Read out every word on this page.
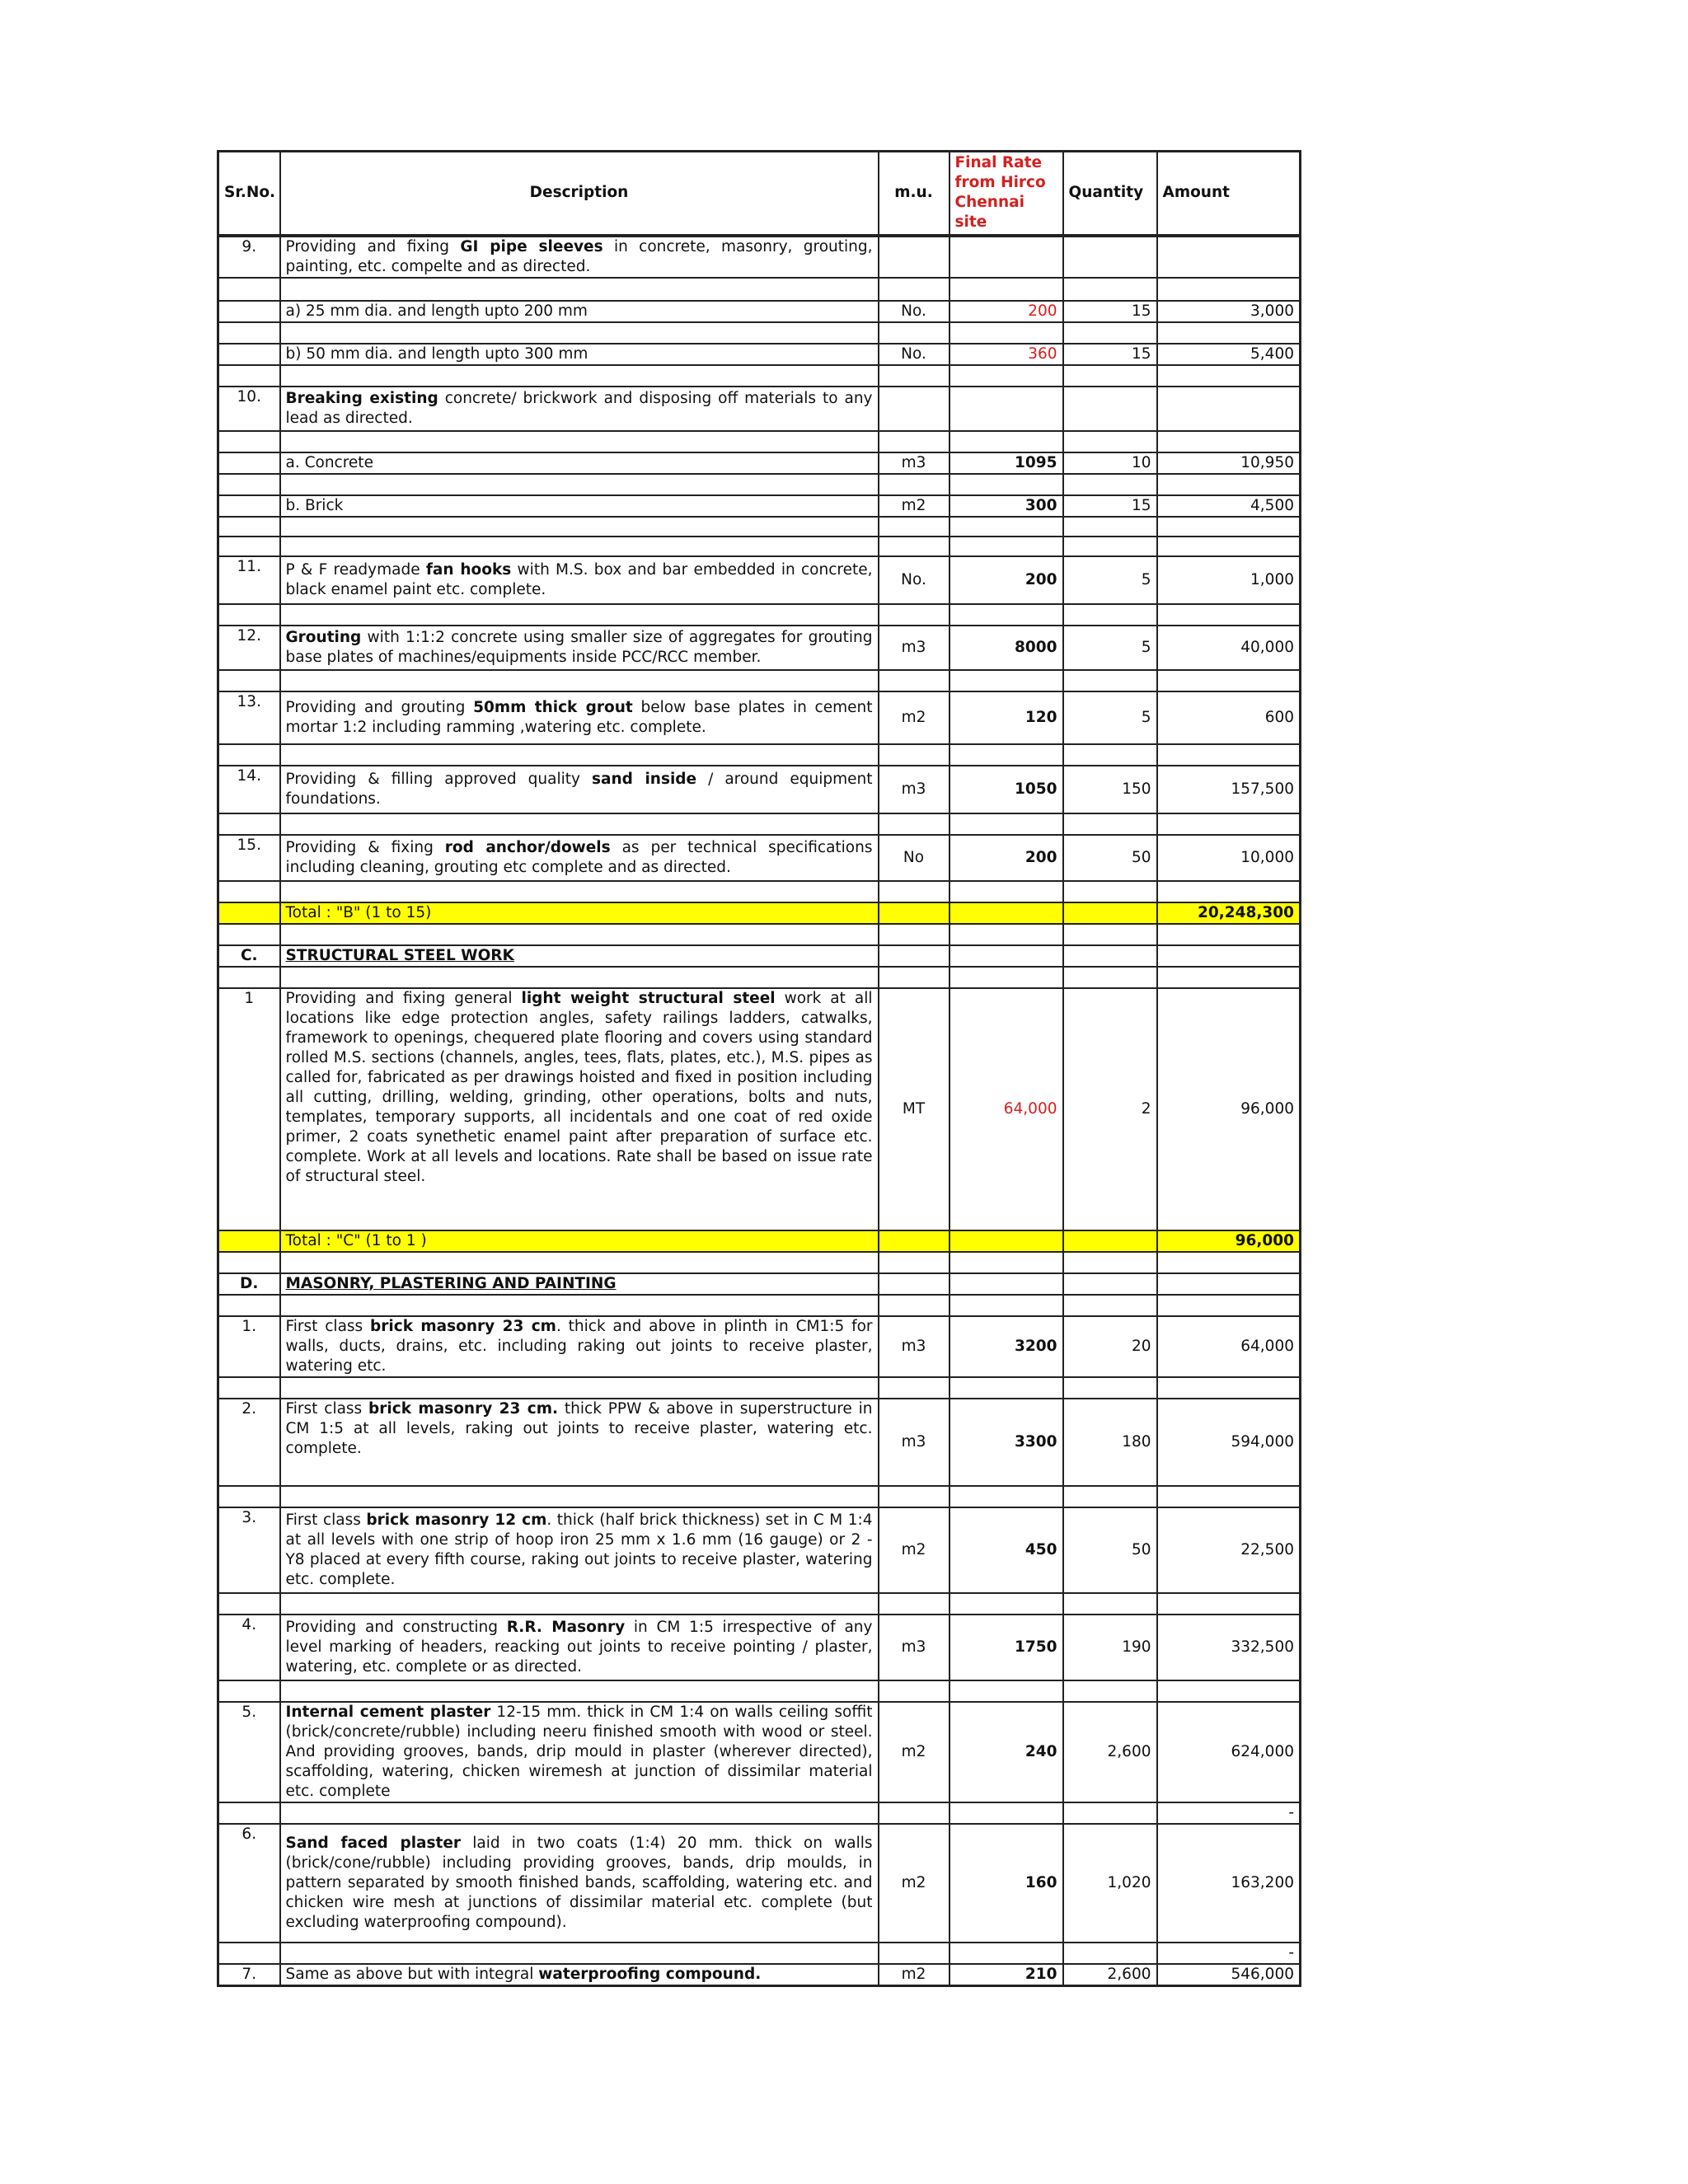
Sr.No.	Description	m.u.	Final Rate from Hirco Chennai site	Quantity	Amount
9.	Providing and fixing GI pipe sleeves in concrete, masonry, grouting, painting, etc. compelte and as directed.				

	a) 25 mm dia. and length upto 200 mm	No.	200	15	3,000

	b) 50 mm dia. and length upto 300 mm	No.	360	15	5,400

10.	Breaking existing concrete/ brickwork and disposing off materials to any lead as directed.				

	a. Concrete	m3	1095	10	10,950

	b. Brick	m2	300	15	4,500

11.	P & F readymade fan hooks with M.S. box and bar embedded in concrete, black enamel paint etc. complete.	No.	200	5	1,000

12.	Grouting with 1:1:2 concrete using smaller size of aggregates for grouting base plates of machines/equipments inside PCC/RCC member.	m3	8000	5	40,000

13.	Providing and grouting 50mm thick grout below base plates in cement mortar 1:2 including ramming ,watering etc. complete.	m2	120	5	600

14.	Providing & filling approved quality sand inside / around equipment foundations.	m3	1050	150	157,500

15.	Providing & fixing rod anchor/dowels as per technical specifications including cleaning, grouting etc complete and as directed.	No	200	50	10,000

	Total : "B" (1 to 15)				20,248,300

C.	STRUCTURAL STEEL WORK				

1	Providing and fixing general light weight structural steel work at all locations like edge protection angles, safety railings ladders, catwalks, framework to openings, chequered plate flooring and covers using standard rolled M.S. sections (channels, angles, tees, flats, plates, etc.), M.S. pipes as called for, fabricated as per drawings hoisted and fixed in position including all cutting, drilling, welding, grinding, other operations, bolts and nuts, templates, temporary supports, all incidentals and one coat of red oxide primer, 2 coats synethetic enamel paint after preparation of surface etc. complete. Work at all levels and locations. Rate shall be based on issue rate of structural steel.	MT	64,000	2	96,000
	Total : "C" (1 to 1 )				96,000

D.	MASONRY, PLASTERING AND PAINTING				

1.	First class brick masonry 23 cm. thick and above in plinth in CM1:5 for walls, ducts, drains, etc. including raking out joints to receive plaster, watering etc.	m3	3200	20	64,000

2.	First class brick masonry 23 cm. thick PPW & above in superstructure in CM 1:5 at all levels, raking out joints to receive plaster, watering etc. complete.	m3	3300	180	594,000

3.	First class brick masonry 12 cm. thick (half brick thickness) set in C M 1:4 at all levels with one strip of hoop iron 25 mm x 1.6 mm (16 gauge) or 2 - Y8 placed at every fifth course, raking out joints to receive plaster, watering etc. complete.	m2	450	50	22,500

4.	Providing and constructing R.R. Masonry in CM 1:5 irrespective of any level marking of headers, reacking out joints to receive pointing / plaster, watering, etc. complete or as directed.	m3	1750	190	332,500

5.	Internal cement plaster 12-15 mm. thick in CM 1:4 on walls ceiling soffit (brick/concrete/rubble) including neeru finished smooth with wood or steel. And providing grooves, bands, drip mould in plaster (wherever directed), scaffolding, watering, chicken wiremesh at junction of dissimilar material etc. complete	m2	240	2,600	624,000
					-
6.	Sand faced plaster laid in two coats (1:4) 20 mm. thick on walls (brick/cone/rubble) including providing grooves, bands, drip moulds, in pattern separated by smooth finished bands, scaffolding, watering etc. and chicken wire mesh at junctions of dissimilar material etc. complete (but excluding waterproofing compound).	m2	160	1,020	163,200
					-
7.	Same as above but with integral waterproofing compound.	m2	210	2,600	546,000
